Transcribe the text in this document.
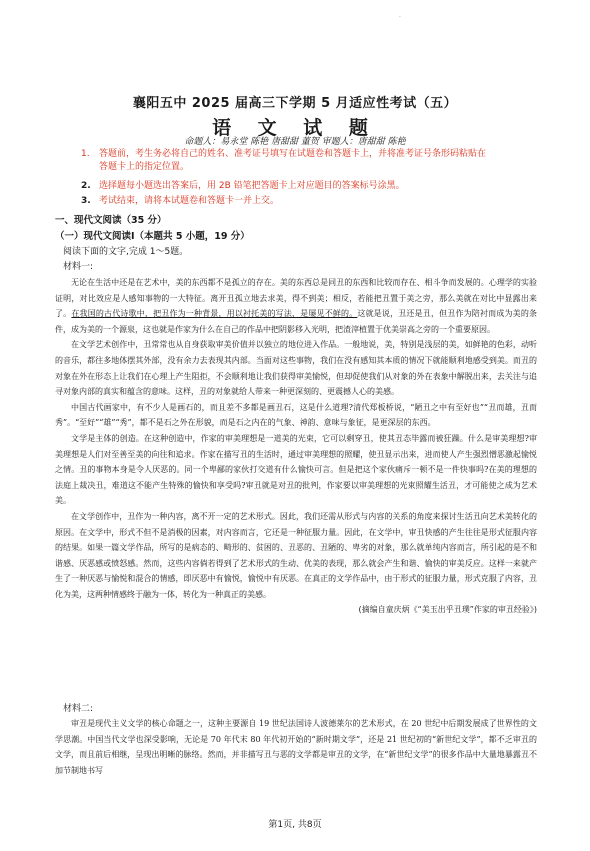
·
襄阳五中 2025 届高三下学期 5 月适应性考试（五）
语 文 试 题
命题人：易永堂 陈艳 唐甜甜 董贺 审题人：唐甜甜 陈艳
1. 答题前，考生务必将自己的姓名、准考证号填写在试题卷和答题卡上，并将准考证号条形码粘贴在
答题卡上的指定位置。
2. 选择题每小题选出答案后，用 2B 铅笔把答题卡上对应题目的答案标号涂黑。
3. 考试结束，请将本试题卷和答题卡一并上交。
一、现代文阅读（35 分）
（一）现代文阅读Ⅰ（本题共 5 小题，19 分）
阅读下面的文字,完成 1～5题。
材料一:

无论在生活中还是在艺术中，美的东西都不是孤立的存在。美的东西总是同丑的东西和比较而存在、相斗争而发展的。心理学的实验证明，对比效应是人感知事物的一大特征。离开丑孤立地去求美，得不到美；相反，若能把丑置于美之旁，那么美就在对比中显露出来了。在我国的古代诗歌中，把丑作为一种背景，用以衬托美的写法，是屡见不鲜的。这就是说，丑还是丑，但丑作为陪衬而成为美的条件，成为美的一个源泉，这也就是作家为什么在自己的作品中把阴影移入光明，把渣滓植置于优美崇高之旁的一个重要原因。

在文学艺术创作中，丑常常也从自身获取审美价值并以独立的地位进入作品。一般地说，美，特别是浅层的美，如鲜艳的色彩，动听的音乐，都往多地体摆其外部，没有余力去表现其内部。当面对这些事物，我们在没有感知其本质的情况下就能顺利地感受到美。而丑的对象在外在形态上让我们在心理上产生阻拒，不会顺利地让我们获得审美愉悦，但却促使我们从对象的外在表象中解脱出来，去关注与追寻对象内部的真实和蕴含的意味。这样，丑的对象就给人带来一种更深刻的、更震撼人心的美感。

中国古代画家中，有不少人是画石的，而且差不多都是画丑石，这是什么道理?清代郑板桥说，“陋丑之中有至好也”“丑而雄，丑而秀”。“至好”“雄”“秀”，都不是石之外在形貌，而是石之内在的气象、神韵、意味与象征，是更深层的东西。

文学是主体的创造。在这种创造中，作家的审美理想是一道美的光束，它可以剩穿丑，使其丑态毕露而被狂躁。什么是审美理想?审美理想是人们对至善至美的向往和追求。作家在描写丑的生活时，通过审美理想的照耀，使丑显示出来，进而使人产生强烈憎恶激起愉悦之情。丑的事物本身是令人厌恶的。同一个卑鄙的家伙打交道有什么愉快可言。但是把这个家伙痛斥一顿不是一件快事吗?在美的理想的法庭上裁决丑，难道这不能产生特殊的愉快和享受吗?审丑就是对丑的批判，作家要以审美理想的光束照耀生活丑，才可能使之成为艺术美。

在文学创作中，丑作为一种内容，离不开一定的艺术形式。因此，我们还需从形式与内容的关系的角度来探讨生活丑向艺术美转化的原因。在文学中，形式不但不是消极的因素，对内容而言，它还是一种征服力量。因此，在文学中，审丑快感的产生往往是形式征服内容的结果。如果一篇文学作品，所写的是病态的、畸形的、贫困的、丑恶的、丑陋的、卑劣的对象，那么就单纯内容而言，所引起的是不和谐感、厌恶感或愤怒感。然而，这些内容倘若得到了艺术形式的生动、优美的表现，那么就会产生和谐、愉快的审美反应。这样一来就产生了一种厌恶与愉悦和混合的情感，即厌恶中有愉悦，愉悦中有厌恶。在真正的文学作品中，由于形式的征服力量，形式克服了内容，丑化为美，这两种情感终于融为一体，转化为一种真正的美感。

(摘编自童庆炳《“美玉出乎丑璞”作家的审丑经验》)

材料二:

审丑是现代主义文学的核心命题之一，这种主要源自 19 世纪法国诗人波德莱尔的艺术形式，在 20 世纪中后期发展成了世界性的文学思潮。中国当代文学也深受影响，无论是 70 年代末 80 年代初开始的“新时期文学”，还是 21 世纪初的“新世纪文学”，都不乏审丑的文学，而且前后相继，呈现出明晰的脉络。然而，并非描写丑与恶的文学都是审丑的文学，在“新世纪文学”的很多作品中大量地暴露丑不加节制地书写

第1页, 共8页
